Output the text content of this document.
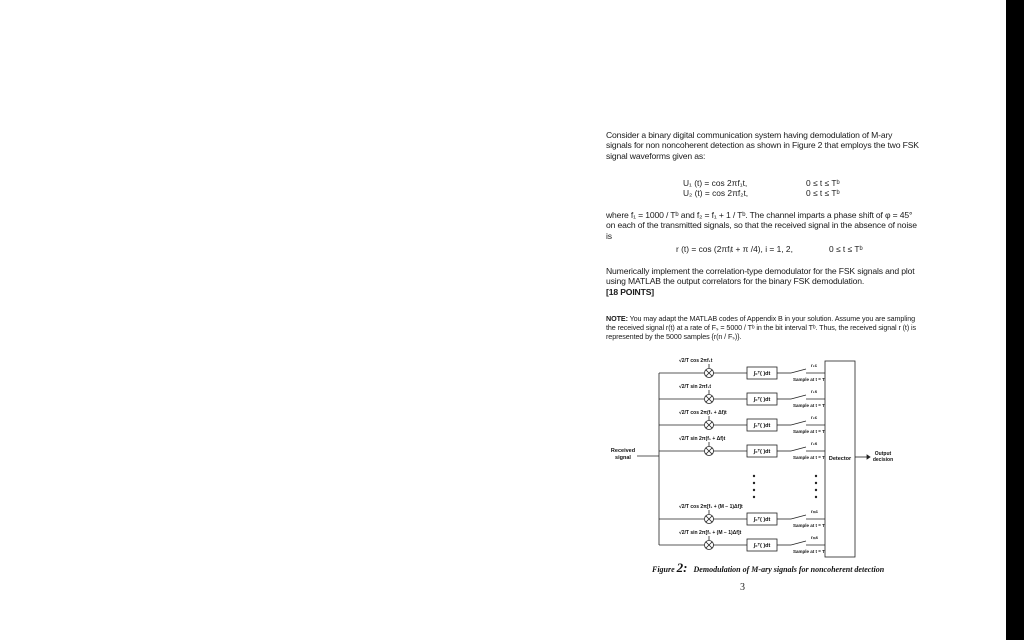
Consider a binary digital communication system having demodulation of M-ary signals for non noncoherent detection as shown in Figure 2 that employs the two FSK signal waveforms given as:

U₁ (t) = cos 2πf₁t,	0 ≤ t ≤ Tᵇ
U₂ (t) = cos 2πf₂t,	0 ≤ t ≤ Tᵇ

where f₁ = 1000 / Tᵇ and f₂ = f₁ + 1 / Tᵇ. The channel imparts a phase shift of φ = 45° on each of the transmitted signals, so that the received signal in the absence of noise is

r (t) = cos (2πfᵢt + π /4), i = 1, 2,	0 ≤ t ≤ Tᵇ

Numerically implement the correlation-type demodulator for the FSK signals and plot using MATLAB the output correlators for the binary FSK demodulation.
[18 POINTS]

NOTE: You may adapt the MATLAB codes of Appendix B in your solution. Assume you are sampling the received signal r(t) at a rate of Fₛ = 5000 / Tᵇ in the bit interval Tᵇ. Thus, the received signal r (t) is represented by the 5000 samples {r(n / Fₛ)}.

Received
signal
√2/T cos 2πf₁t
∫₀ᵀ( )dt
Sample at t = T
r₁c
√2/T sin 2πf₁t
∫₀ᵀ( )dt
Sample at t = T
r₁s
√2/T cos 2π(f₁ + Δf)t
∫₀ᵀ( )dt
Sample at t = T
r₂c
√2/T sin 2π(f₁ + Δf)t
∫₀ᵀ( )dt
Sample at t = T
r₂s
√2/T cos 2π[f₁ + (M − 1)Δf]t
∫₀ᵀ( )dt
Sample at t = T
rₘc
√2/T sin 2π[f₁ + (M − 1)Δf]t
∫₀ᵀ( )dt
Sample at t = T
rₘs
Detector
Output
decision
Figure 2: Demodulation of M-ary signals for noncoherent detection
3
